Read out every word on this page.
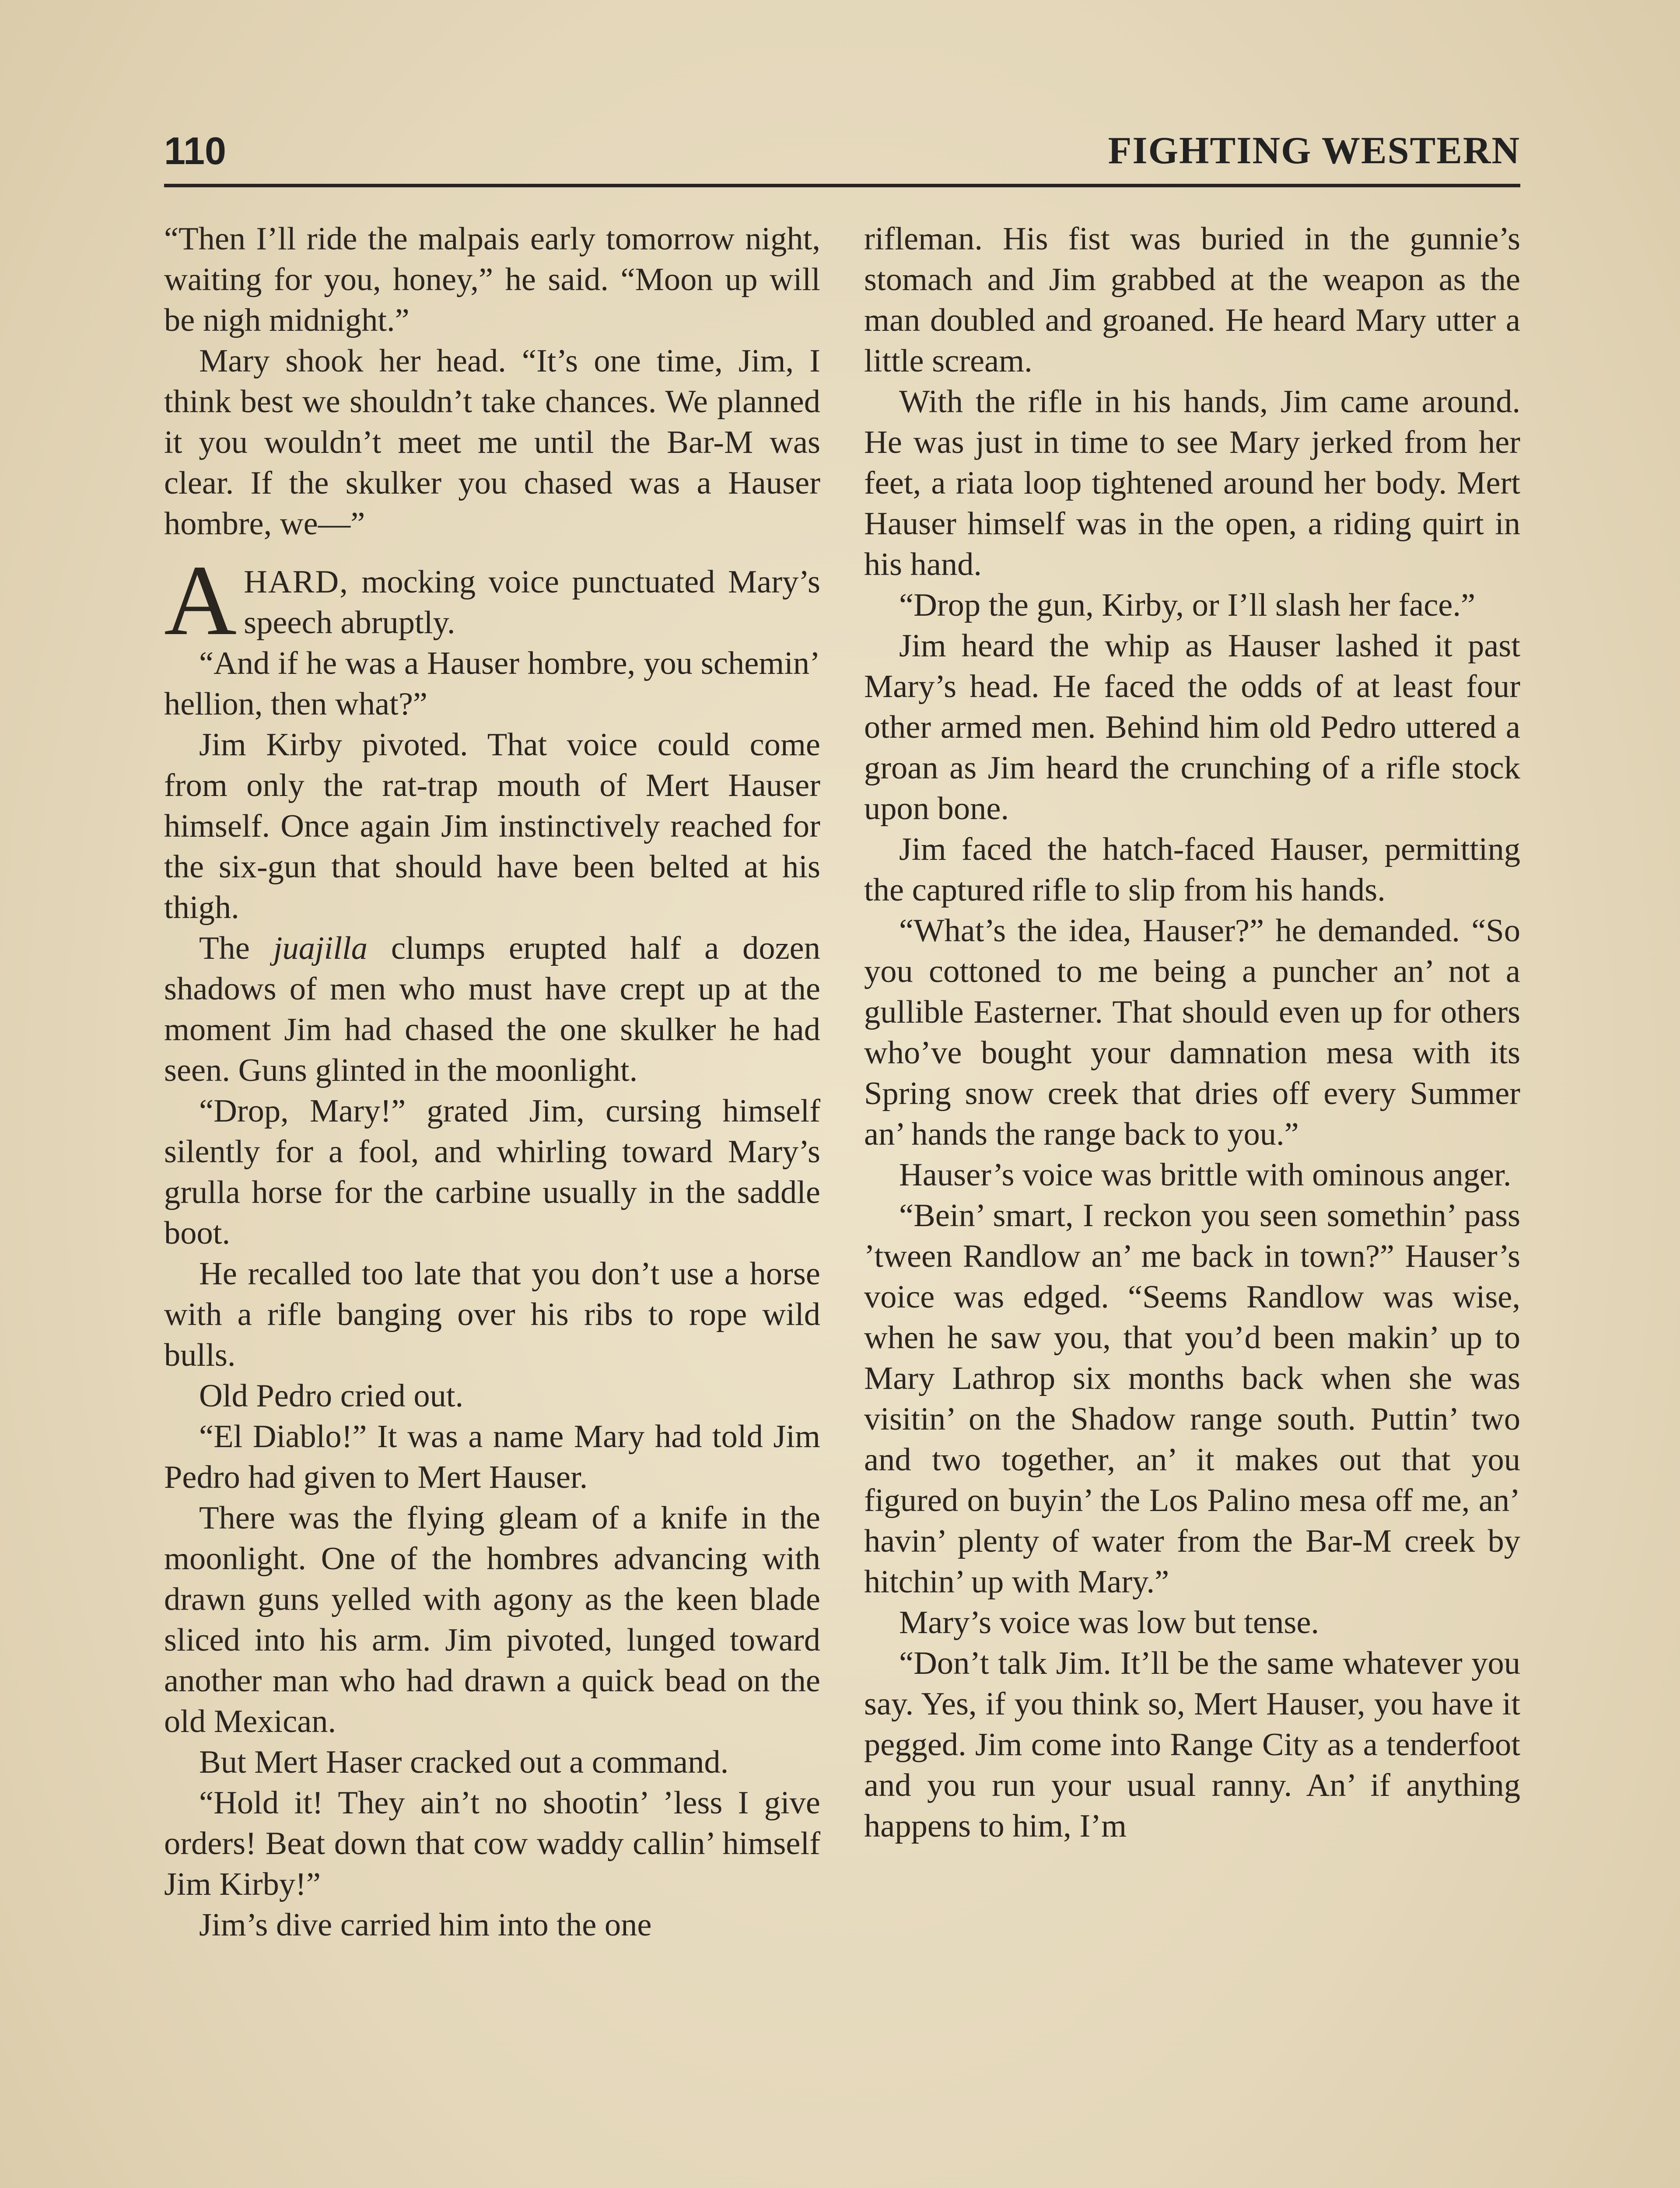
110	FIGHTING WESTERN

“Then I’ll ride the malpais early tomorrow night, waiting for you, honey,” he said. “Moon up will be nigh midnight.”

Mary shook her head. “It’s one time, Jim, I think best we shouldn’t take chances. We planned it you wouldn’t meet me until the Bar-M was clear. If the skulker you chased was a Hauser hombre, we—”

AHARD, mocking voice punctuated Mary’s speech abruptly.

“And if he was a Hauser hombre, you schemin’ hellion, then what?”

Jim Kirby pivoted. That voice could come from only the rat-trap mouth of Mert Hauser himself. Once again Jim instinctively reached for the six-gun that should have been belted at his thigh.

The juajilla clumps erupted half a dozen shadows of men who must have crept up at the moment Jim had chased the one skulker he had seen. Guns glinted in the moonlight.

“Drop, Mary!” grated Jim, cursing himself silently for a fool, and whirling toward Mary’s grulla horse for the carbine usually in the saddle boot.

He recalled too late that you don’t use a horse with a rifle banging over his ribs to rope wild bulls.

Old Pedro cried out.

“El Diablo!” It was a name Mary had told Jim Pedro had given to Mert Hauser.

There was the flying gleam of a knife in the moonlight. One of the hombres advancing with drawn guns yelled with agony as the keen blade sliced into his arm. Jim pivoted, lunged toward another man who had drawn a quick bead on the old Mexican.

But Mert Haser cracked out a command.

“Hold it! They ain’t no shootin’ ’less I give orders! Beat down that cow waddy callin’ himself Jim Kirby!”

Jim’s dive carried him into the one

rifleman. His fist was buried in the gunnie’s stomach and Jim grabbed at the weapon as the man doubled and groaned. He heard Mary utter a little scream.

With the rifle in his hands, Jim came around. He was just in time to see Mary jerked from her feet, a riata loop tightened around her body. Mert Hauser himself was in the open, a riding quirt in his hand.

“Drop the gun, Kirby, or I’ll slash her face.”

Jim heard the whip as Hauser lashed it past Mary’s head. He faced the odds of at least four other armed men. Behind him old Pedro uttered a groan as Jim heard the crunching of a rifle stock upon bone.

Jim faced the hatch-faced Hauser, permitting the captured rifle to slip from his hands.

“What’s the idea, Hauser?” he demanded. “So you cottoned to me being a puncher an’ not a gullible Easterner. That should even up for others who’ve bought your damnation mesa with its Spring snow creek that dries off every Summer an’ hands the range back to you.”

Hauser’s voice was brittle with ominous anger.

“Bein’ smart, I reckon you seen somethin’ pass ’tween Randlow an’ me back in town?” Hauser’s voice was edged. “Seems Randlow was wise, when he saw you, that you’d been makin’ up to Mary Lathrop six months back when she was visitin’ on the Shadow range south. Puttin’ two and two together, an’ it makes out that you figured on buyin’ the Los Palino mesa off me, an’ havin’ plenty of water from the Bar-M creek by hitchin’ up with Mary.”

Mary’s voice was low but tense.

“Don’t talk Jim. It’ll be the same whatever you say. Yes, if you think so, Mert Hauser, you have it pegged. Jim come into Range City as a tenderfoot and you run your usual ranny. An’ if anything happens to him, I’m
